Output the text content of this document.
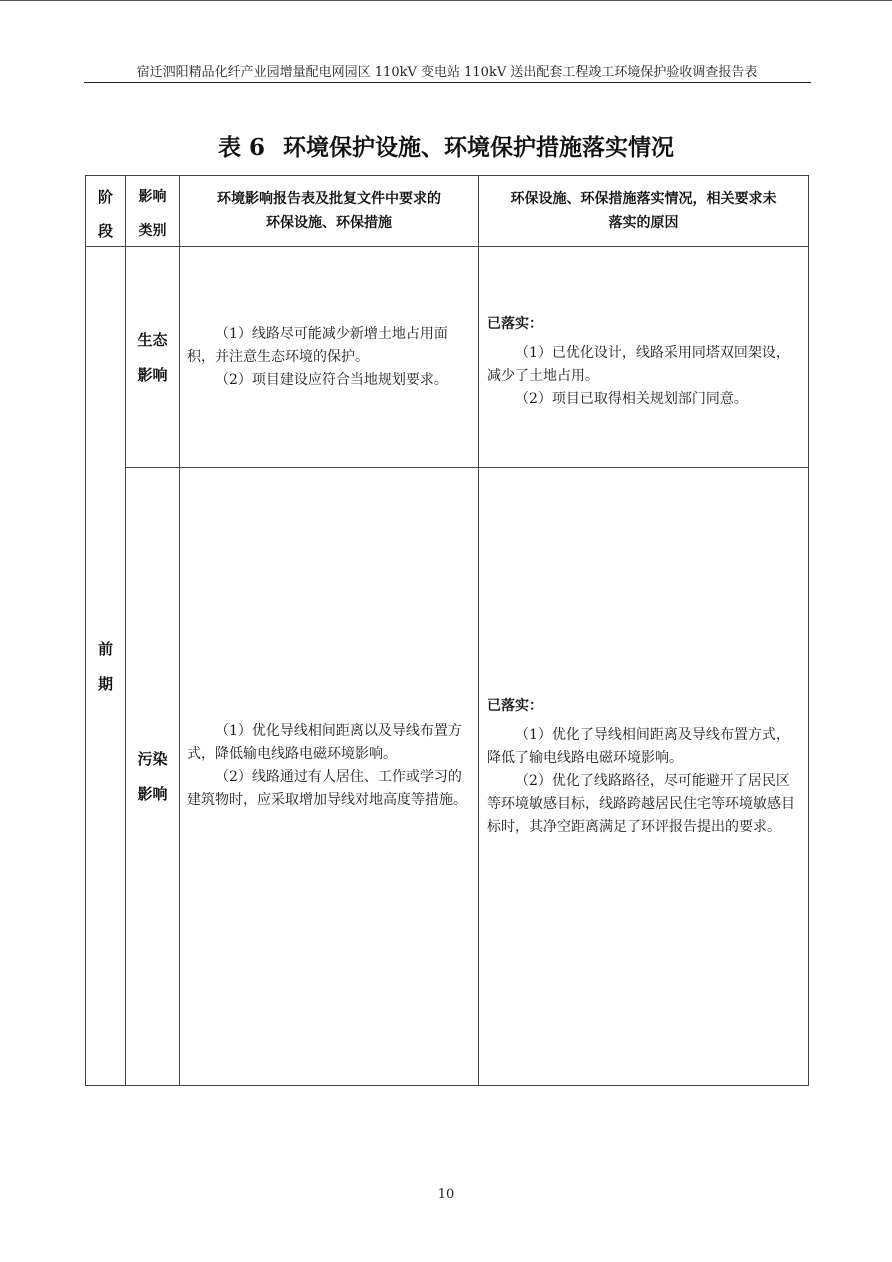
宿迁泗阳精品化纤产业园增量配电网园区 110kV 变电站 110kV 送出配套工程竣工环境保护验收调查报告表
表 6 环境保护设施、环境保护措施落实情况
阶
段
影响
类别
环境影响报告表及批复文件中要求的
环保设施、环保措施
环保设施、环保措施落实情况，相关要求未
落实的原因
前
期
生态
影响

（1）线路尽可能减少新增土地占用面积，并注意生态环境的保护。

（2）项目建设应符合当地规划要求。

已落实：

（1）已优化设计，线路采用同塔双回架设，减少了土地占用。

（2）项目已取得相关规划部门同意。

污染
影响

（1）优化导线相间距离以及导线布置方式，降低输电线路电磁环境影响。

（2）线路通过有人居住、工作或学习的建筑物时，应采取增加导线对地高度等措施。

已落实：

（1）优化了导线相间距离及导线布置方式，降低了输电线路电磁环境影响。

（2）优化了线路路径，尽可能避开了居民区等环境敏感目标，线路跨越居民住宅等环境敏感目标时，其净空距离满足了环评报告提出的要求。

10
